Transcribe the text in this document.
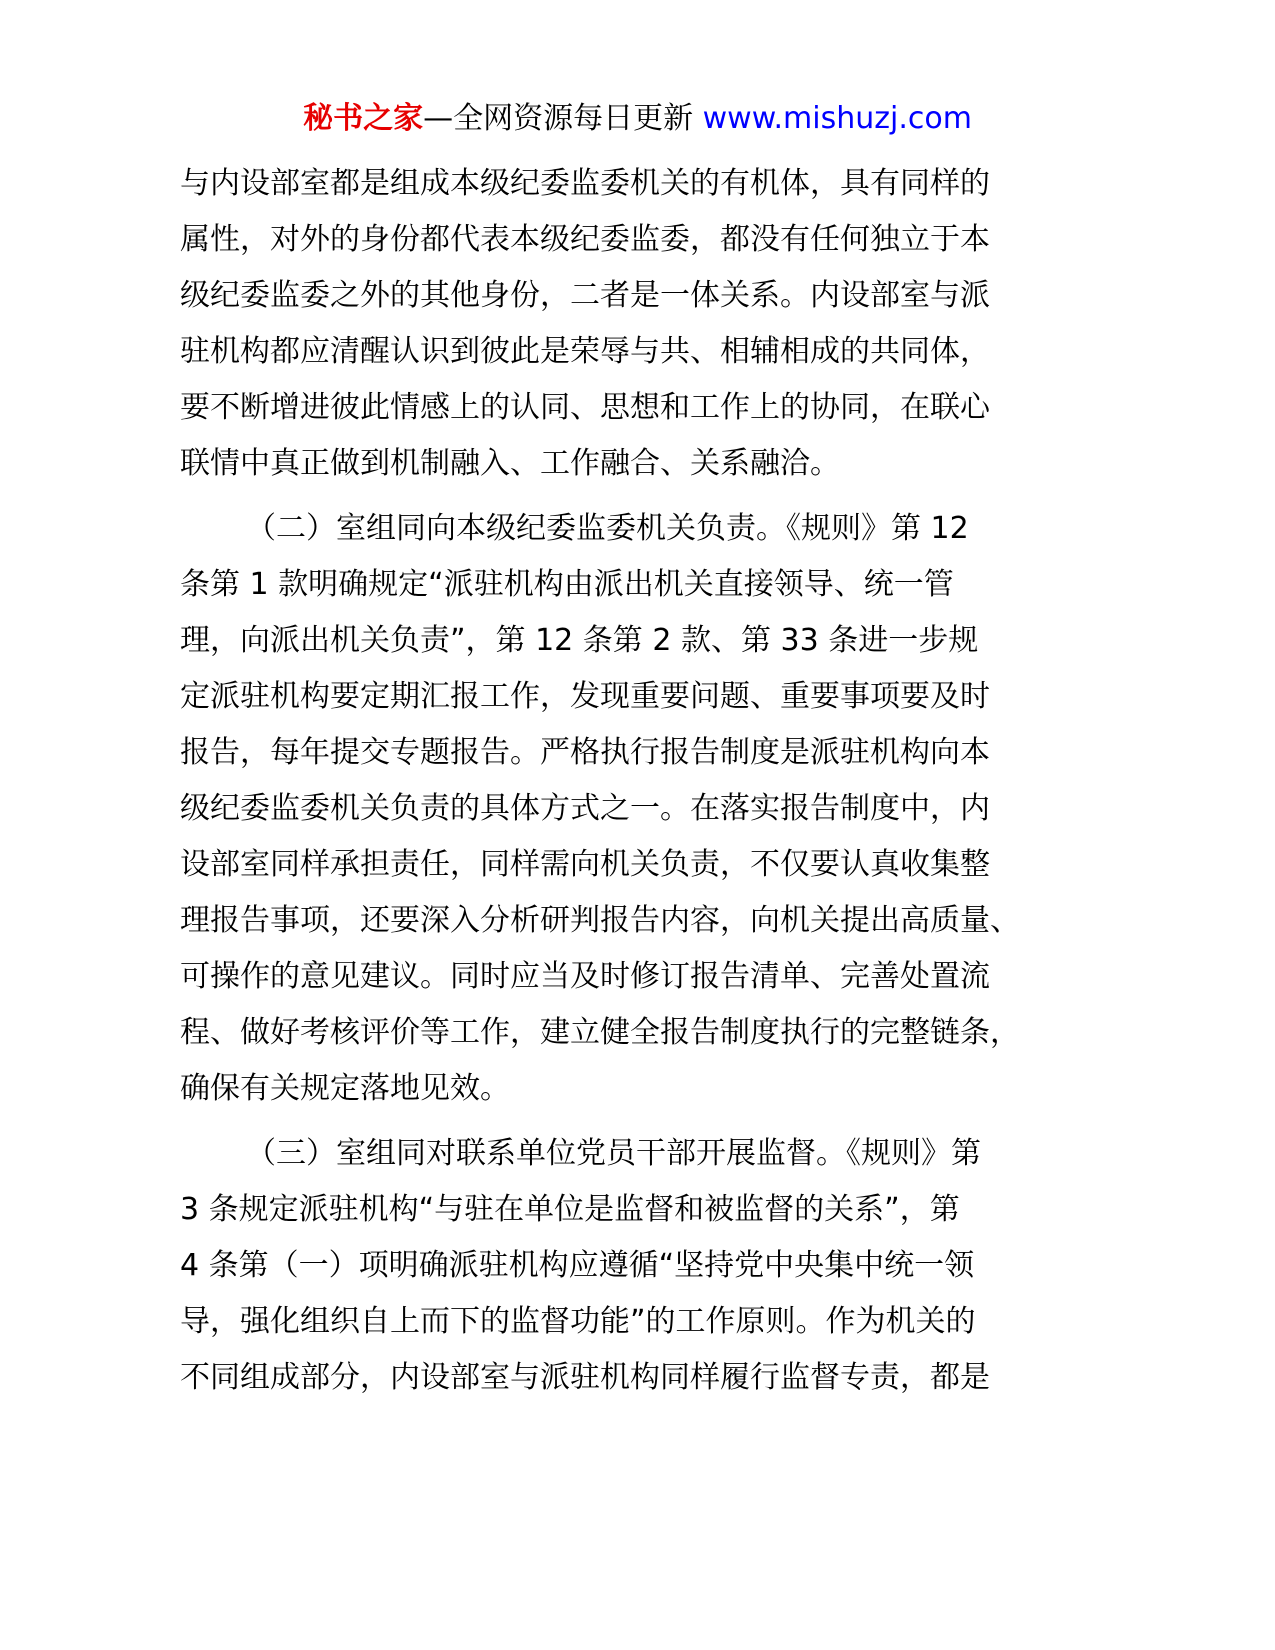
秘书之家—全网资源每日更新 www.mishuzj.com
与内设部室都是组成本级纪委监委机关的有机体，具有同样的
属性，对外的身份都代表本级纪委监委，都没有任何独立于本
级纪委监委之外的其他身份，二者是一体关系。内设部室与派
驻机构都应清醒认识到彼此是荣辱与共、相辅相成的共同体，
要不断增进彼此情感上的认同、思想和工作上的协同，在联心
联情中真正做到机制融入、工作融合、关系融洽。
（二）室组同向本级纪委监委机关负责。《规则》第 12
条第 1 款明确规定“派驻机构由派出机关直接领导、统一管
理，向派出机关负责”，第 12 条第 2 款、第 33 条进一步规
定派驻机构要定期汇报工作，发现重要问题、重要事项要及时
报告，每年提交专题报告。严格执行报告制度是派驻机构向本
级纪委监委机关负责的具体方式之一。在落实报告制度中，内
设部室同样承担责任，同样需向机关负责，不仅要认真收集整
理报告事项，还要深入分析研判报告内容，向机关提出高质量、
可操作的意见建议。同时应当及时修订报告清单、完善处置流
程、做好考核评价等工作，建立健全报告制度执行的完整链条，
确保有关规定落地见效。
（三）室组同对联系单位党员干部开展监督。《规则》第
3 条规定派驻机构“与驻在单位是监督和被监督的关系”，第
4 条第（一）项明确派驻机构应遵循“坚持党中央集中统一领
导，强化组织自上而下的监督功能”的工作原则。作为机关的
不同组成部分，内设部室与派驻机构同样履行监督专责，都是
